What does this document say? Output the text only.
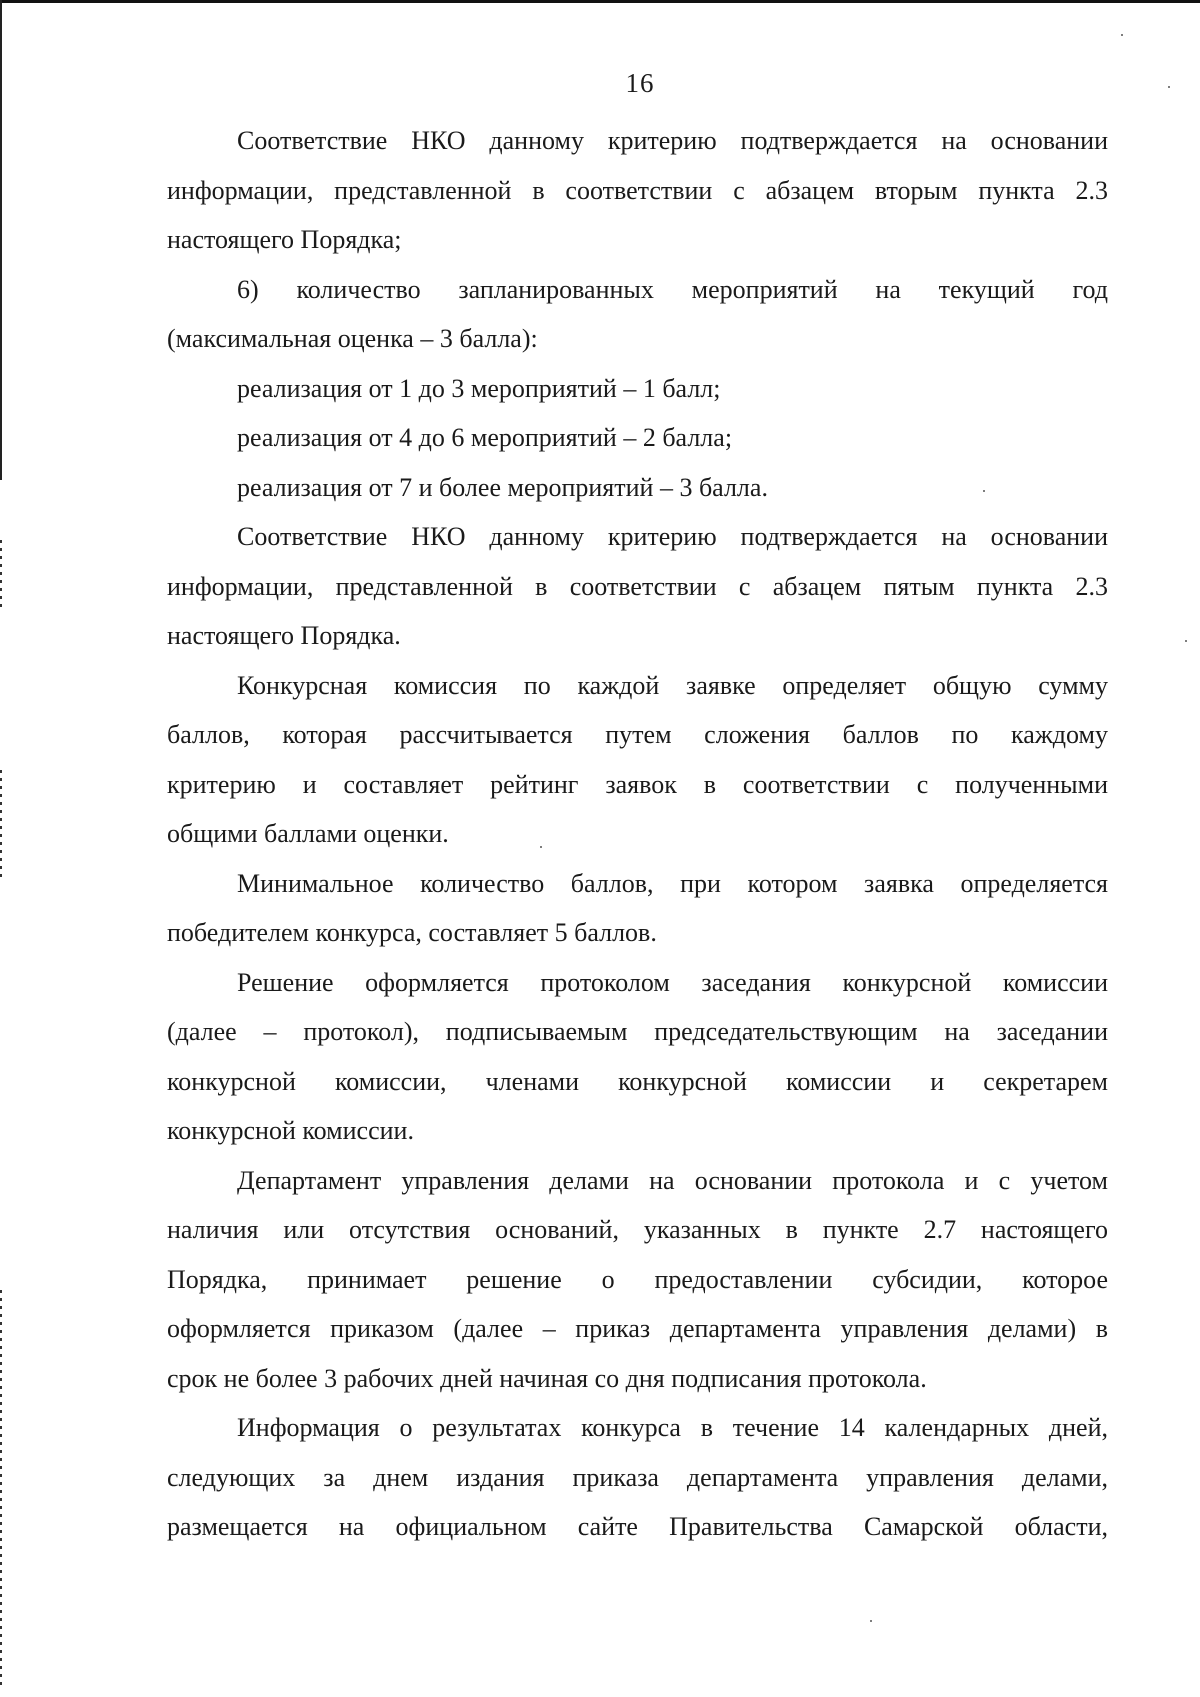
16
Соответствие НКО данному критерию подтверждается на основании
информации, представленной в соответствии с абзацем вторым пункта 2.3
настоящего Порядка;
6) количество запланированных мероприятий на текущий год
(максимальная оценка – 3 балла):
реализация от 1 до 3 мероприятий – 1 балл;
реализация от 4 до 6 мероприятий – 2 балла;
реализация от 7 и более мероприятий – 3 балла.
Соответствие НКО данному критерию подтверждается на основании
информации, представленной в соответствии с абзацем пятым пункта 2.3
настоящего Порядка.
Конкурсная комиссия по каждой заявке определяет общую сумму
баллов, которая рассчитывается путем сложения баллов по каждому
критерию и составляет рейтинг заявок в соответствии с полученными
общими баллами оценки.
Минимальное количество баллов, при котором заявка определяется
победителем конкурса, составляет 5 баллов.
Решение оформляется протоколом заседания конкурсной комиссии
(далее – протокол), подписываемым председательствующим на заседании
конкурсной комиссии, членами конкурсной комиссии и секретарем
конкурсной комиссии.
Департамент управления делами на основании протокола и с учетом
наличия или отсутствия оснований, указанных в пункте 2.7 настоящего
Порядка, принимает решение о предоставлении субсидии, которое
оформляется приказом (далее – приказ департамента управления делами) в
срок не более 3 рабочих дней начиная со дня подписания протокола.
Информация о результатах конкурса в течение 14 календарных дней,
следующих за днем издания приказа департамента управления делами,
размещается на официальном сайте Правительства Самарской области,
